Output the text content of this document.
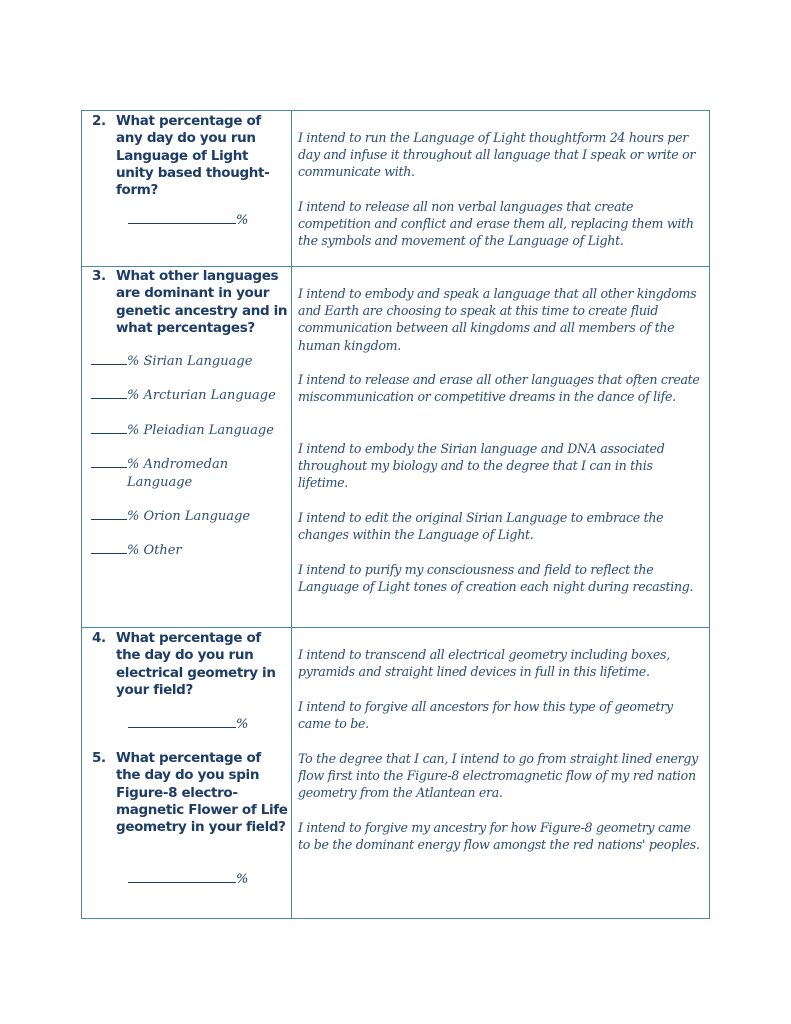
2. What percentage of any day do you run Language of Light unity based thought-form?
%
I intend to run the Language of Light thoughtform 24 hours per day and infuse it throughout all language that I speak or write or communicate with.
I intend to release all non verbal languages that create competition and conflict and erase them all, replacing them with the symbols and movement of the Language of Light.
3. What other languages are dominant in your genetic ancestry and in what percentages?
% Sirian Language
% Arcturian Language
% Pleiadian Language
% Andromedan Language
% Orion Language
% Other
I intend to embody and speak a language that all other kingdoms and Earth are choosing to speak at this time to create fluid communication between all kingdoms and all members of the human kingdom.
I intend to release and erase all other languages that often create miscommunication or competitive dreams in the dance of life.
I intend to embody the Sirian language and DNA associated throughout my biology and to the degree that I can in this lifetime.
I intend to edit the original Sirian Language to embrace the changes within the Language of Light.
I intend to purify my consciousness and field to reflect the Language of Light tones of creation each night during recasting.
4. What percentage of the day do you run electrical geometry in your field?
%
5. What percentage of the day do you spin Figure-8 electro-magnetic Flower of Life geometry in your field?
%
I intend to transcend all electrical geometry including boxes, pyramids and straight lined devices in full in this lifetime.
I intend to forgive all ancestors for how this type of geometry came to be.
To the degree that I can, I intend to go from straight lined energy flow first into the Figure-8 electromagnetic flow of my red nation geometry from the Atlantean era.
I intend to forgive my ancestry for how Figure-8 geometry came to be the dominant energy flow amongst the red nations' peoples.
